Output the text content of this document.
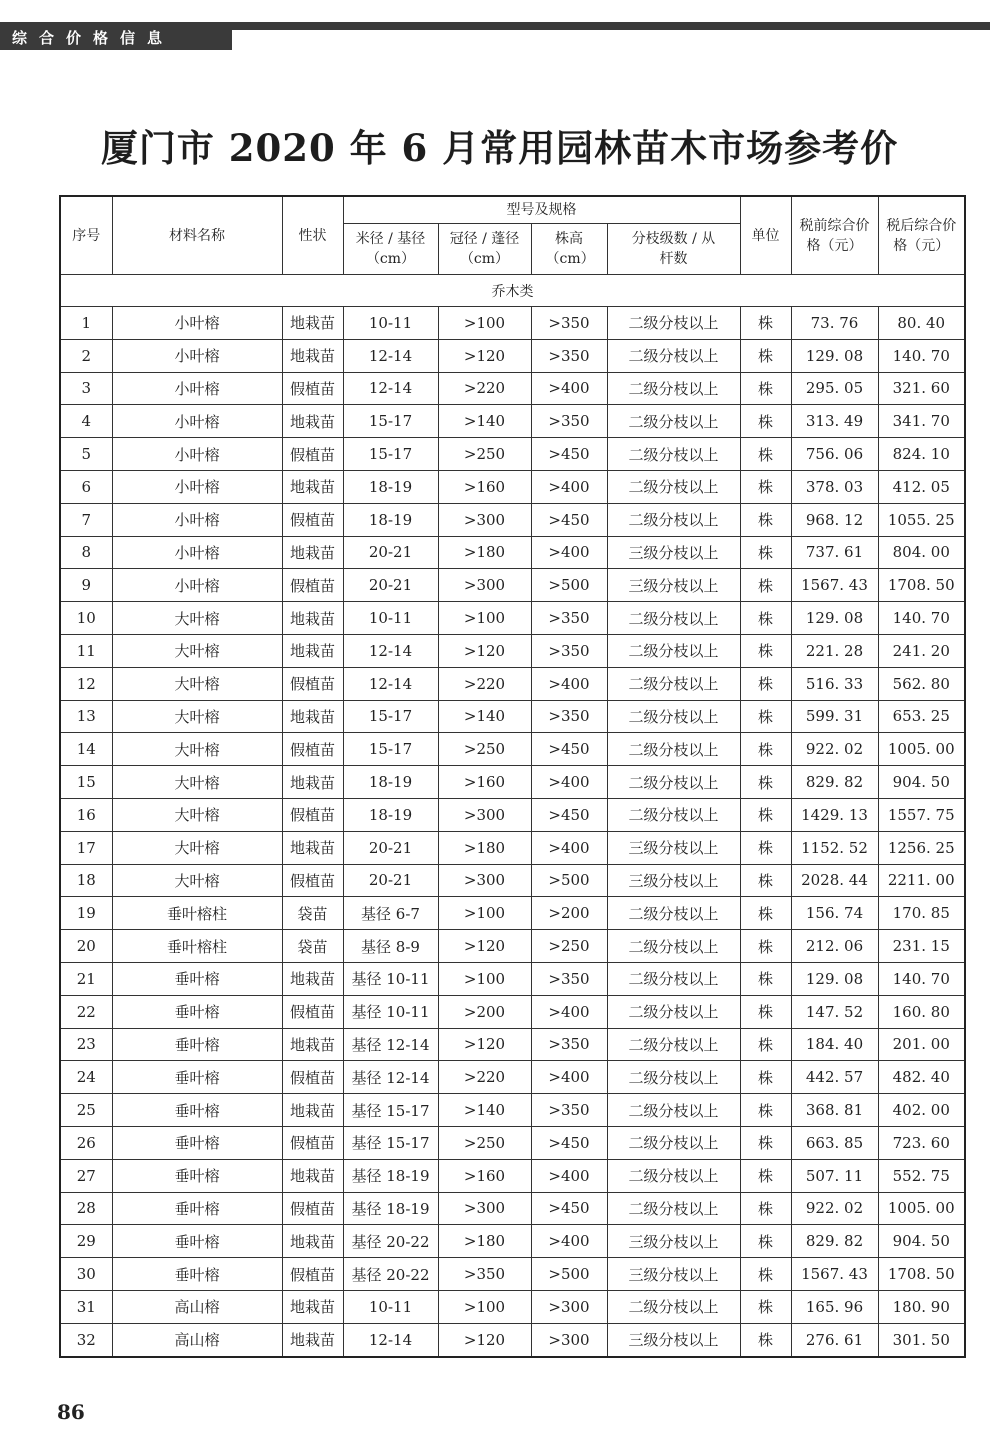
综合价格信息
厦门市 2020 年 6 月常用园林苗木市场参考价
序号	材料名称	性状	型号及规格				单位	税前综合价格（元）	税后综合价格（元）
			米径 / 基径（cm）	冠径 / 蓬径（cm）	株高（cm）	分枝级数 / 从杆数			
乔木类									
1	小叶榕	地栽苗	10-11	>100	>350	二级分枝以上	株	73. 76	80. 40
2	小叶榕	地栽苗	12-14	>120	>350	二级分枝以上	株	129. 08	140. 70
3	小叶榕	假植苗	12-14	>220	>400	二级分枝以上	株	295. 05	321. 60
4	小叶榕	地栽苗	15-17	>140	>350	二级分枝以上	株	313. 49	341. 70
5	小叶榕	假植苗	15-17	>250	>450	二级分枝以上	株	756. 06	824. 10
6	小叶榕	地栽苗	18-19	>160	>400	二级分枝以上	株	378. 03	412. 05
7	小叶榕	假植苗	18-19	>300	>450	二级分枝以上	株	968. 12	1055. 25
8	小叶榕	地栽苗	20-21	>180	>400	三级分枝以上	株	737. 61	804. 00
9	小叶榕	假植苗	20-21	>300	>500	三级分枝以上	株	1567. 43	1708. 50
10	大叶榕	地栽苗	10-11	>100	>350	二级分枝以上	株	129. 08	140. 70
11	大叶榕	地栽苗	12-14	>120	>350	二级分枝以上	株	221. 28	241. 20
12	大叶榕	假植苗	12-14	>220	>400	二级分枝以上	株	516. 33	562. 80
13	大叶榕	地栽苗	15-17	>140	>350	二级分枝以上	株	599. 31	653. 25
14	大叶榕	假植苗	15-17	>250	>450	二级分枝以上	株	922. 02	1005. 00
15	大叶榕	地栽苗	18-19	>160	>400	二级分枝以上	株	829. 82	904. 50
16	大叶榕	假植苗	18-19	>300	>450	二级分枝以上	株	1429. 13	1557. 75
17	大叶榕	地栽苗	20-21	>180	>400	三级分枝以上	株	1152. 52	1256. 25
18	大叶榕	假植苗	20-21	>300	>500	三级分枝以上	株	2028. 44	2211. 00
19	垂叶榕柱	袋苗	基径 6-7	>100	>200	二级分枝以上	株	156. 74	170. 85
20	垂叶榕柱	袋苗	基径 8-9	>120	>250	二级分枝以上	株	212. 06	231. 15
21	垂叶榕	地栽苗	基径 10-11	>100	>350	二级分枝以上	株	129. 08	140. 70
22	垂叶榕	假植苗	基径 10-11	>200	>400	二级分枝以上	株	147. 52	160. 80
23	垂叶榕	地栽苗	基径 12-14	>120	>350	二级分枝以上	株	184. 40	201. 00
24	垂叶榕	假植苗	基径 12-14	>220	>400	二级分枝以上	株	442. 57	482. 40
25	垂叶榕	地栽苗	基径 15-17	>140	>350	二级分枝以上	株	368. 81	402. 00
26	垂叶榕	假植苗	基径 15-17	>250	>450	二级分枝以上	株	663. 85	723. 60
27	垂叶榕	地栽苗	基径 18-19	>160	>400	二级分枝以上	株	507. 11	552. 75
28	垂叶榕	假植苗	基径 18-19	>300	>450	二级分枝以上	株	922. 02	1005. 00
29	垂叶榕	地栽苗	基径 20-22	>180	>400	三级分枝以上	株	829. 82	904. 50
30	垂叶榕	假植苗	基径 20-22	>350	>500	三级分枝以上	株	1567. 43	1708. 50
31	高山榕	地栽苗	10-11	>100	>300	二级分枝以上	株	165. 96	180. 90
32	高山榕	地栽苗	12-14	>120	>300	三级分枝以上	株	276. 61	301. 50
86
